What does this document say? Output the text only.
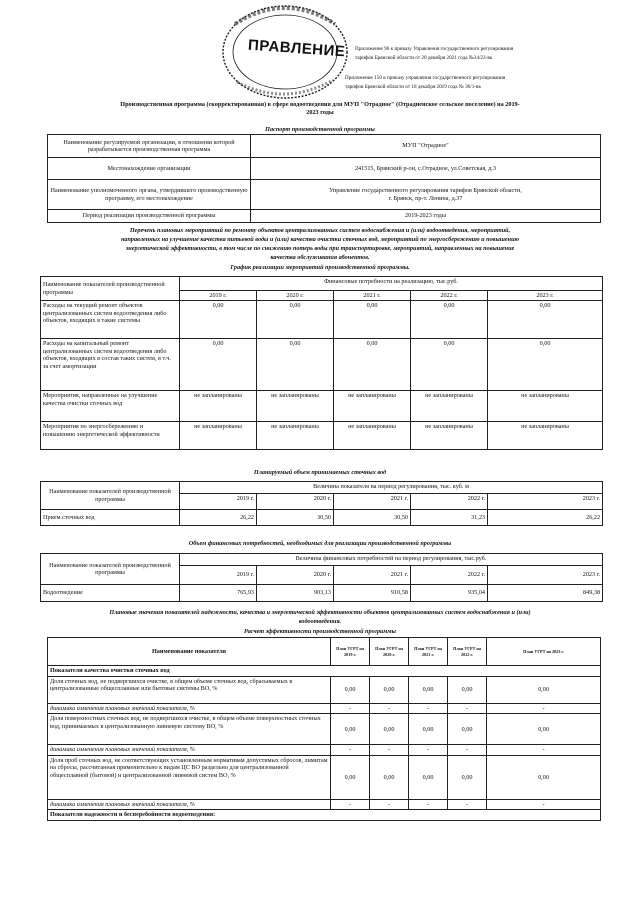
ПРАВЛЕНИЕ Приложение 96 к приказу Управления государственного регулирования
тарифов Брянской области от 20 декабря 2021 года №34/23-вк
Приложение 150 к приказу управления государственного регулирования
тарифов Брянской области от 18 декабря 2019 года № 36/1-вк
Производственная программа (скорректированная) в сфере водоотведения для МУП "Отрадное" (Отрадненское сельское поселение) на 2019-
2023 годы
Паспорт производственной программы
Наименование регулируемой организации, в отношении которой разрабатывается производственная программа	МУП "Отрадное"
Местонахождение организации	241515, Брянский р-он, с.Отрадное, ул.Советская, д.3
Наименование уполномоченного органа, утвердившего производственную программу, его местонахождение	Управление государственного регулирования тарифов Брянской области,
г. Брянск, пр-т. Ленина, д.37

Период реализации производственной программы	2019-2023 годы
Перечень плановых мероприятий по ремонту объектов централизованных систем водоснабжения и (или) водоотведения, мероприятий,
направленных на улучшение качества питьевой воды и (или) качества очистки сточных вод, мероприятий по энергосбережению и повышению
энергетической эффективности, в том числе по снижению потерь воды при транспортировке, мероприятий, направленных на повышение
качества обслуживания абонентов.
График реализации мероприятий производственной программы.
Наименование показателей производственной программы	Финансовые потребности на реализацию, тыс.руб.				
	2019 г.	2020 г.	2021 г.	2022 г.	2023 г.
Расходы на текущий ремонт объектов централизованных систем водоотведения либо объектов, входящих в такие системы	0,00	0,00	0,00	0,00	0,00
Расходы на капитальный ремонт централизованных систем водоотведения либо объектов, входящих в состав таких систем, в т.ч. за счет амортизации	0,00	0,00	0,00	0,00	0,00
Мероприятия, направленные на улучшение качества очистки сточных вод	не запланированы	не запланированы	не запланированы	не запланированы	не запланированы
Мероприятия по энергосбережению и повышению энергетической эффективности	не запланированы	не запланированы	не запланированы	не запланированы	не запланированы
Планируемый объем принимаемых сточных вод
Наименование показателей производственной программы	Величина показателя на период регулирования, тыс. куб. м				
	2019 г.	2020 г.	2021 г.	2022 г.	2023 г.
Прием сточных вод	26,22	30,50	30,50	31,23	26,22
Объем финансовых потребностей, необходимых для реализации производственной программы
Наименование показателей производственной программы	Величина финансовых потребностей на период регулирования, тыс.руб.				
	2019 г.	2020 г.	2021 г.	2022 г.	2023 г.
Водоотведение	765,93	903,13	910,58	935,04	849,38
Плановые значения показателей надежности, качества и энергетической эффективности объектов централизованных систем водоснабжения и (или)
водоотведения.
Расчет эффективности производственной программы
Наименование показателя	План УГРТ на 2019 г.	План УГРТ на 2020 г.	План УГРТ на 2021 г.	План УГРТ на 2022 г.	План УГРТ на 2023 г.
Показатели качества очистки сточных вод					
Доля сточных вод, не подвергшихся очистке, в общем объеме сточных вод, сбрасываемых в централизованные общесплавные или бытовые системы ВО, %	0,00	0,00	0,00	0,00	0,00
динамика изменения плановых значений показателя, %	-	-	-	-	-
Доля поверхностных сточных вод, не подвергшихся очистке, в общем объеме поверхностных сточных вод, принимаемых в централизованную ливневую систему ВО, %	0,00	0,00	0,00	0,00	0,00
динамика изменения плановых значений показателя, %	-	-	-	-	-
Доля проб сточных вод, не соответствующих установленным нормативам допустимых сбросов, лимитам на сбросы, рассчитанная применительно к видам ЦС ВО раздельно для централизованной общесплавной (бытовой) и централизованной ливневой систем ВО, %	0,00	0,00	0,00	0,00	0,00
динамика изменения плановых значений показателя, %	-	-	-	-	-
Показатели надежности и бесперебойности водоотведения:					
